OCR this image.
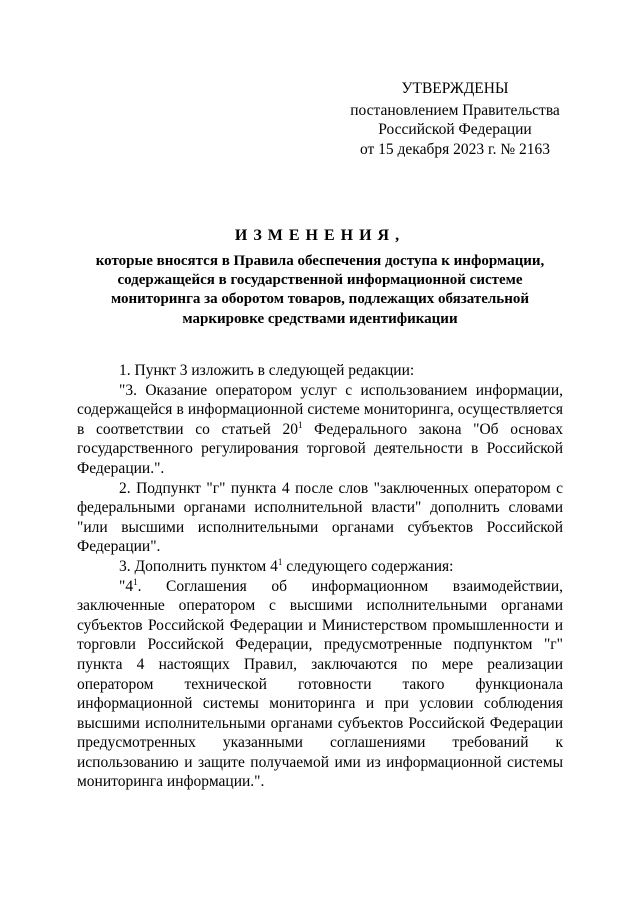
УТВЕРЖДЕНЫ
постановлением Правительства
Российской Федерации
от 15 декабря 2023 г. № 2163
ИЗМЕНЕНИЯ,
которые вносятся в Правила обеспечения доступа к информации,
содержащейся в государственной информационной системе
мониторинга за оборотом товаров, подлежащих обязательной
маркировке средствами идентификации

1. Пункт 3 изложить в следующей редакции:

"3. Оказание оператором услуг с использованием информации, содержащейся в информационной системе мониторинга, осуществляется в соответствии со статьей $20^1$ Федерального закона "Об основах государственного регулирования торговой деятельности в Российской Федерации.".

2. Подпункт "г" пункта 4 после слов "заключенных оператором с федеральными органами исполнительной власти" дополнить словами "или высшими исполнительными органами субъектов Российской Федерации".

3. Дополнить пунктом $4^1$ следующего содержания:

"$4^1$. Соглашения об информационном взаимодействии, заключенные оператором с высшими исполнительными органами субъектов Российской Федерации и Министерством промышленности и торговли Российской Федерации, предусмотренные подпунктом "г" пункта 4 настоящих Правил, заключаются по мере реализации оператором технической готовности такого функционала информационной системы мониторинга и при условии соблюдения высшими исполнительными органами субъектов Российской Федерации предусмотренных указанными соглашениями требований к использованию и защите получаемой ими из информационной системы мониторинга информации.".
